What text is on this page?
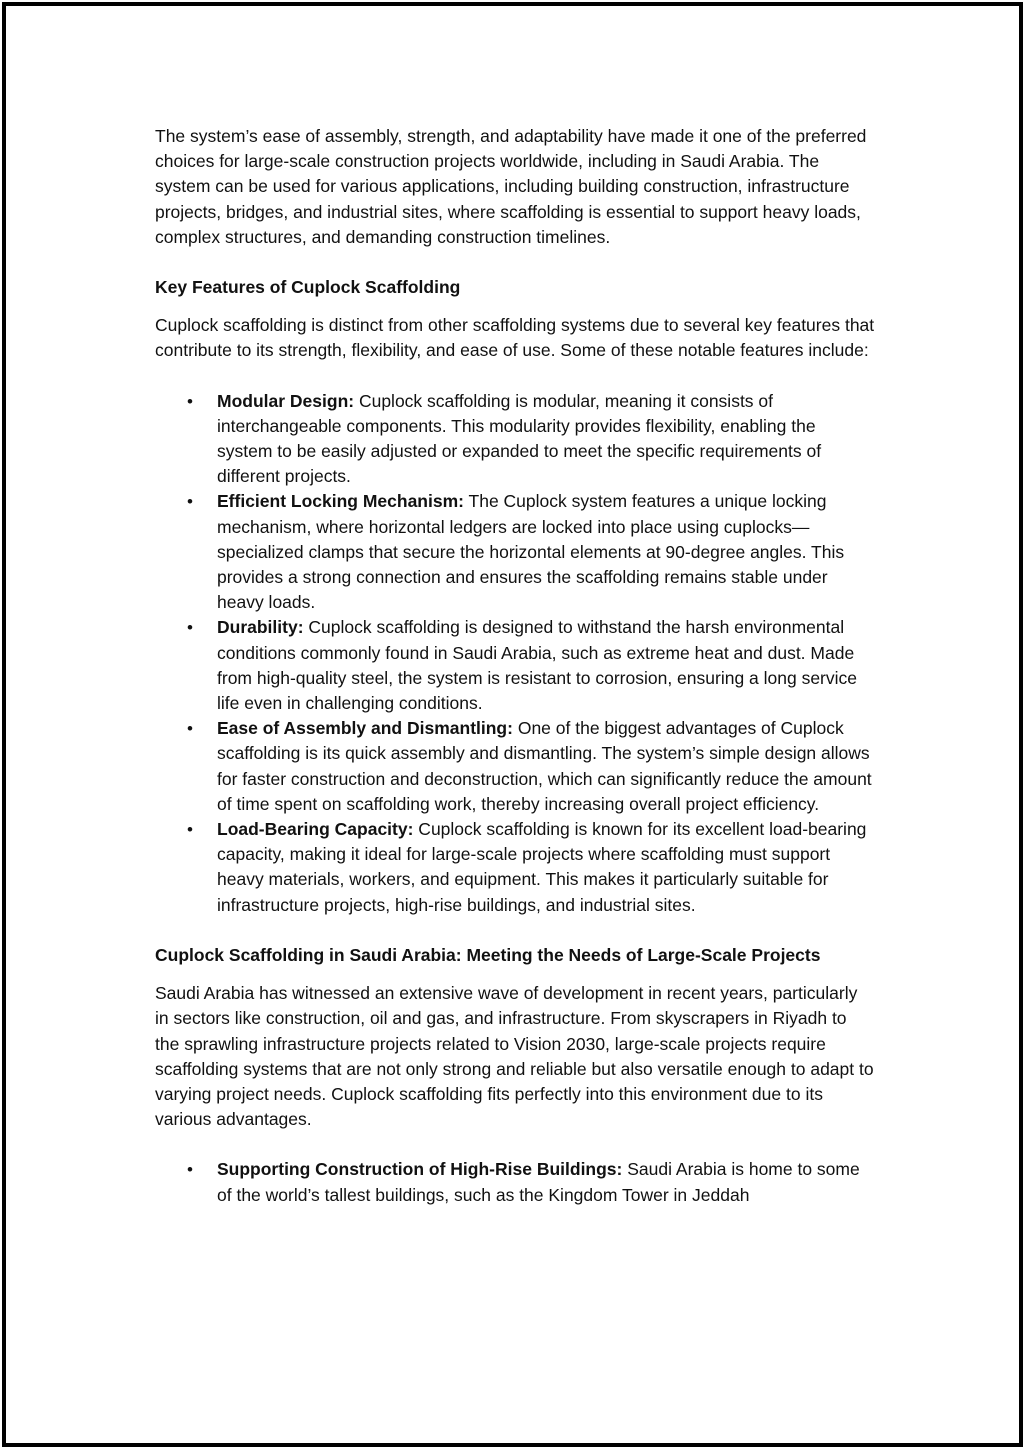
The system’s ease of assembly, strength, and adaptability have made it one of the preferred choices for large-scale construction projects worldwide, including in Saudi Arabia. The system can be used for various applications, including building construction, infrastructure projects, bridges, and industrial sites, where scaffolding is essential to support heavy loads, complex structures, and demanding construction timelines.

Key Features of Cuplock Scaffolding

Cuplock scaffolding is distinct from other scaffolding systems due to several key features that contribute to its strength, flexibility, and ease of use. Some of these notable features include:

• Modular Design: Cuplock scaffolding is modular, meaning it consists of interchangeable components. This modularity provides flexibility, enabling the system to be easily adjusted or expanded to meet the specific requirements of different projects.
• Efficient Locking Mechanism: The Cuplock system features a unique locking mechanism, where horizontal ledgers are locked into place using cuplocks—specialized clamps that secure the horizontal elements at 90-degree angles. This provides a strong connection and ensures the scaffolding remains stable under heavy loads.
• Durability: Cuplock scaffolding is designed to withstand the harsh environmental conditions commonly found in Saudi Arabia, such as extreme heat and dust. Made from high-quality steel, the system is resistant to corrosion, ensuring a long service life even in challenging conditions.
• Ease of Assembly and Dismantling: One of the biggest advantages of Cuplock scaffolding is its quick assembly and dismantling. The system’s simple design allows for faster construction and deconstruction, which can significantly reduce the amount of time spent on scaffolding work, thereby increasing overall project efficiency.
• Load-Bearing Capacity: Cuplock scaffolding is known for its excellent load-bearing capacity, making it ideal for large-scale projects where scaffolding must support heavy materials, workers, and equipment. This makes it particularly suitable for infrastructure projects, high-rise buildings, and industrial sites.

Cuplock Scaffolding in Saudi Arabia: Meeting the Needs of Large-Scale Projects

Saudi Arabia has witnessed an extensive wave of development in recent years, particularly in sectors like construction, oil and gas, and infrastructure. From skyscrapers in Riyadh to the sprawling infrastructure projects related to Vision 2030, large-scale projects require scaffolding systems that are not only strong and reliable but also versatile enough to adapt to varying project needs. Cuplock scaffolding fits perfectly into this environment due to its various advantages.

• Supporting Construction of High-Rise Buildings: Saudi Arabia is home to some of the world’s tallest buildings, such as the Kingdom Tower in Jeddah
